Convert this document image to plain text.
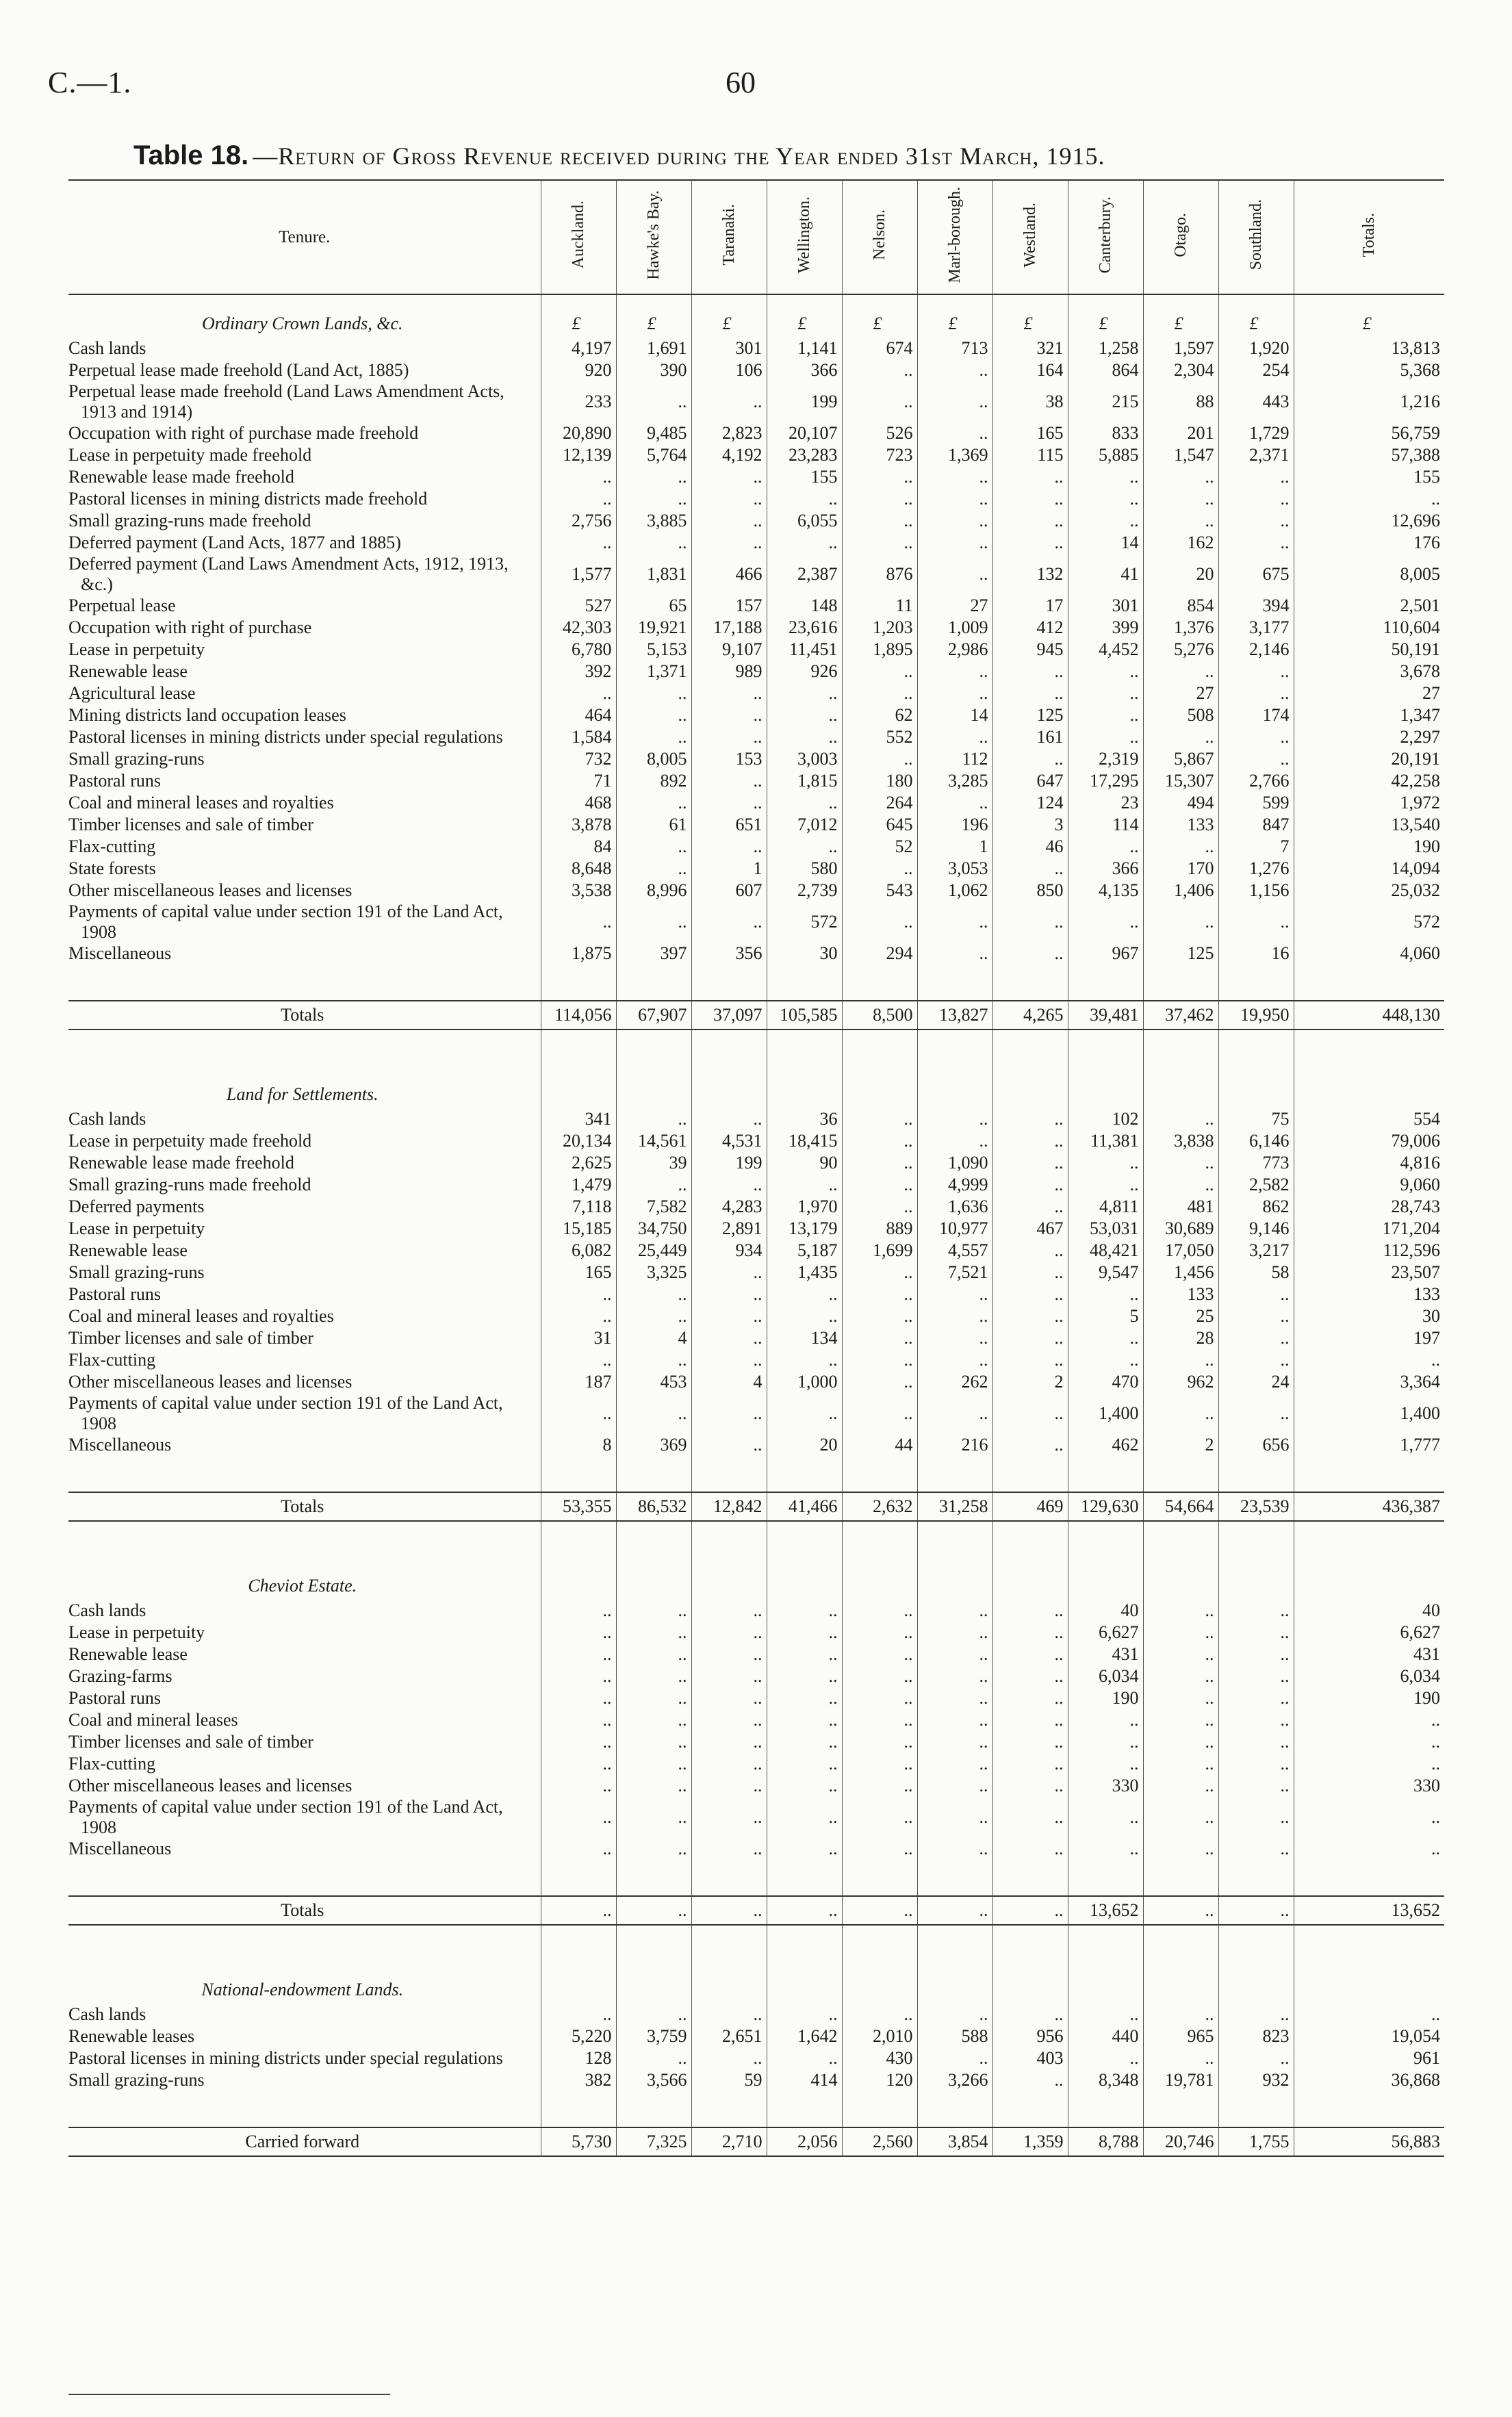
C.—1.	60
Table 18. —Return of Gross Revenue received during the Year ended 31st March, 1915.
Tenure.	Auckland.	Hawke's Bay.	Taranaki.	Wellington.	Nelson.	Marl-borough.	Westland.	Canterbury.	Otago.	Southland.	Totals.
Ordinary Crown Lands, &c.	£	£	£	£	£	£	£	£	£	£	£

Cash lands	4,197	1,691	301	1,141	674	713	321	1,258	1,597	1,920	13,813

Perpetual lease made freehold (Land Act, 1885)	920	390	106	366	..	..	164	864	2,304	254	5,368

Perpetual lease made freehold (Land Laws Amendment Acts, 1913 and 1914)	233	..	..	199	..	..	38	215	88	443	1,216

Occupation with right of purchase made freehold	20,890	9,485	2,823	20,107	526	..	165	833	201	1,729	56,759

Lease in perpetuity made freehold	12,139	5,764	4,192	23,283	723	1,369	115	5,885	1,547	2,371	57,388

Renewable lease made freehold	..	..	..	155	..	..	..	..	..	..	155

Pastoral licenses in mining districts made freehold	..	..	..	..	..	..	..	..	..	..	..

Small grazing-runs made freehold	2,756	3,885	..	6,055	..	..	..	..	..	..	12,696

Deferred payment (Land Acts, 1877 and 1885)	..	..	..	..	..	..	..	14	162	..	176

Deferred payment (Land Laws Amendment Acts, 1912, 1913, &c.)	1,577	1,831	466	2,387	876	..	132	41	20	675	8,005

Perpetual lease	527	65	157	148	11	27	17	301	854	394	2,501

Occupation with right of purchase	42,303	19,921	17,188	23,616	1,203	1,009	412	399	1,376	3,177	110,604

Lease in perpetuity	6,780	5,153	9,107	11,451	1,895	2,986	945	4,452	5,276	2,146	50,191

Renewable lease	392	1,371	989	926	..	..	..	..	..	..	3,678

Agricultural lease	..	..	..	..	..	..	..	..	27	..	27

Mining districts land occupation leases	464	..	..	..	62	14	125	..	508	174	1,347

Pastoral licenses in mining districts under special regulations	1,584	..	..	..	552	..	161	..	..	..	2,297

Small grazing-runs	732	8,005	153	3,003	..	112	..	2,319	5,867	..	20,191

Pastoral runs	71	892	..	1,815	180	3,285	647	17,295	15,307	2,766	42,258

Coal and mineral leases and royalties	468	..	..	..	264	..	124	23	494	599	1,972

Timber licenses and sale of timber	3,878	61	651	7,012	645	196	3	114	133	847	13,540

Flax-cutting	84	..	..	..	52	1	46	..	..	7	190

State forests	8,648	..	1	580	..	3,053	..	366	170	1,276	14,094

Other miscellaneous leases and licenses	3,538	8,996	607	2,739	543	1,062	850	4,135	1,406	1,156	25,032

Payments of capital value under section 191 of the Land Act, 1908	..	..	..	572	..	..	..	..	..	..	572

Miscellaneous	1,875	397	356	30	294	..	..	967	125	16	4,060

Totals	114,056	67,907	37,097	105,585	8,500	13,827	4,265	39,481	37,462	19,950	448,130

Land for Settlements.											

Cash lands	341	..	..	36	..	..	..	102	..	75	554

Lease in perpetuity made freehold	20,134	14,561	4,531	18,415	..	..	..	11,381	3,838	6,146	79,006

Renewable lease made freehold	2,625	39	199	90	..	1,090	..	..	..	773	4,816

Small grazing-runs made freehold	1,479	..	..	..	..	4,999	..	..	..	2,582	9,060

Deferred payments	7,118	7,582	4,283	1,970	..	1,636	..	4,811	481	862	28,743

Lease in perpetuity	15,185	34,750	2,891	13,179	889	10,977	467	53,031	30,689	9,146	171,204

Renewable lease	6,082	25,449	934	5,187	1,699	4,557	..	48,421	17,050	3,217	112,596

Small grazing-runs	165	3,325	..	1,435	..	7,521	..	9,547	1,456	58	23,507

Pastoral runs	..	..	..	..	..	..	..	..	133	..	133

Coal and mineral leases and royalties	..	..	..	..	..	..	..	5	25	..	30

Timber licenses and sale of timber	31	4	..	134	..	..	..	..	28	..	197

Flax-cutting	..	..	..	..	..	..	..	..	..	..	..

Other miscellaneous leases and licenses	187	453	4	1,000	..	262	2	470	962	24	3,364

Payments of capital value under section 191 of the Land Act, 1908	..	..	..	..	..	..	..	1,400	..	..	1,400

Miscellaneous	8	369	..	20	44	216	..	462	2	656	1,777

Totals	53,355	86,532	12,842	41,466	2,632	31,258	469	129,630	54,664	23,539	436,387

Cheviot Estate.											

Cash lands	..	..	..	..	..	..	..	40	..	..	40

Lease in perpetuity	..	..	..	..	..	..	..	6,627	..	..	6,627

Renewable lease	..	..	..	..	..	..	..	431	..	..	431

Grazing-farms	..	..	..	..	..	..	..	6,034	..	..	6,034

Pastoral runs	..	..	..	..	..	..	..	190	..	..	190

Coal and mineral leases	..	..	..	..	..	..	..	..	..	..	..

Timber licenses and sale of timber	..	..	..	..	..	..	..	..	..	..	..

Flax-cutting	..	..	..	..	..	..	..	..	..	..	..

Other miscellaneous leases and licenses	..	..	..	..	..	..	..	330	..	..	330

Payments of capital value under section 191 of the Land Act, 1908	..	..	..	..	..	..	..	..	..	..	..

Miscellaneous	..	..	..	..	..	..	..	..	..	..	..

Totals	..	..	..	..	..	..	..	13,652	..	..	13,652

National-endowment Lands.											

Cash lands	..	..	..	..	..	..	..	..	..	..	..

Renewable leases	5,220	3,759	2,651	1,642	2,010	588	956	440	965	823	19,054

Pastoral licenses in mining districts under special regulations	128	..	..	..	430	..	403	..	..	..	961

Small grazing-runs	382	3,566	59	414	120	3,266	..	8,348	19,781	932	36,868

Carried forward	5,730	7,325	2,710	2,056	2,560	3,854	1,359	8,788	20,746	1,755	56,883
